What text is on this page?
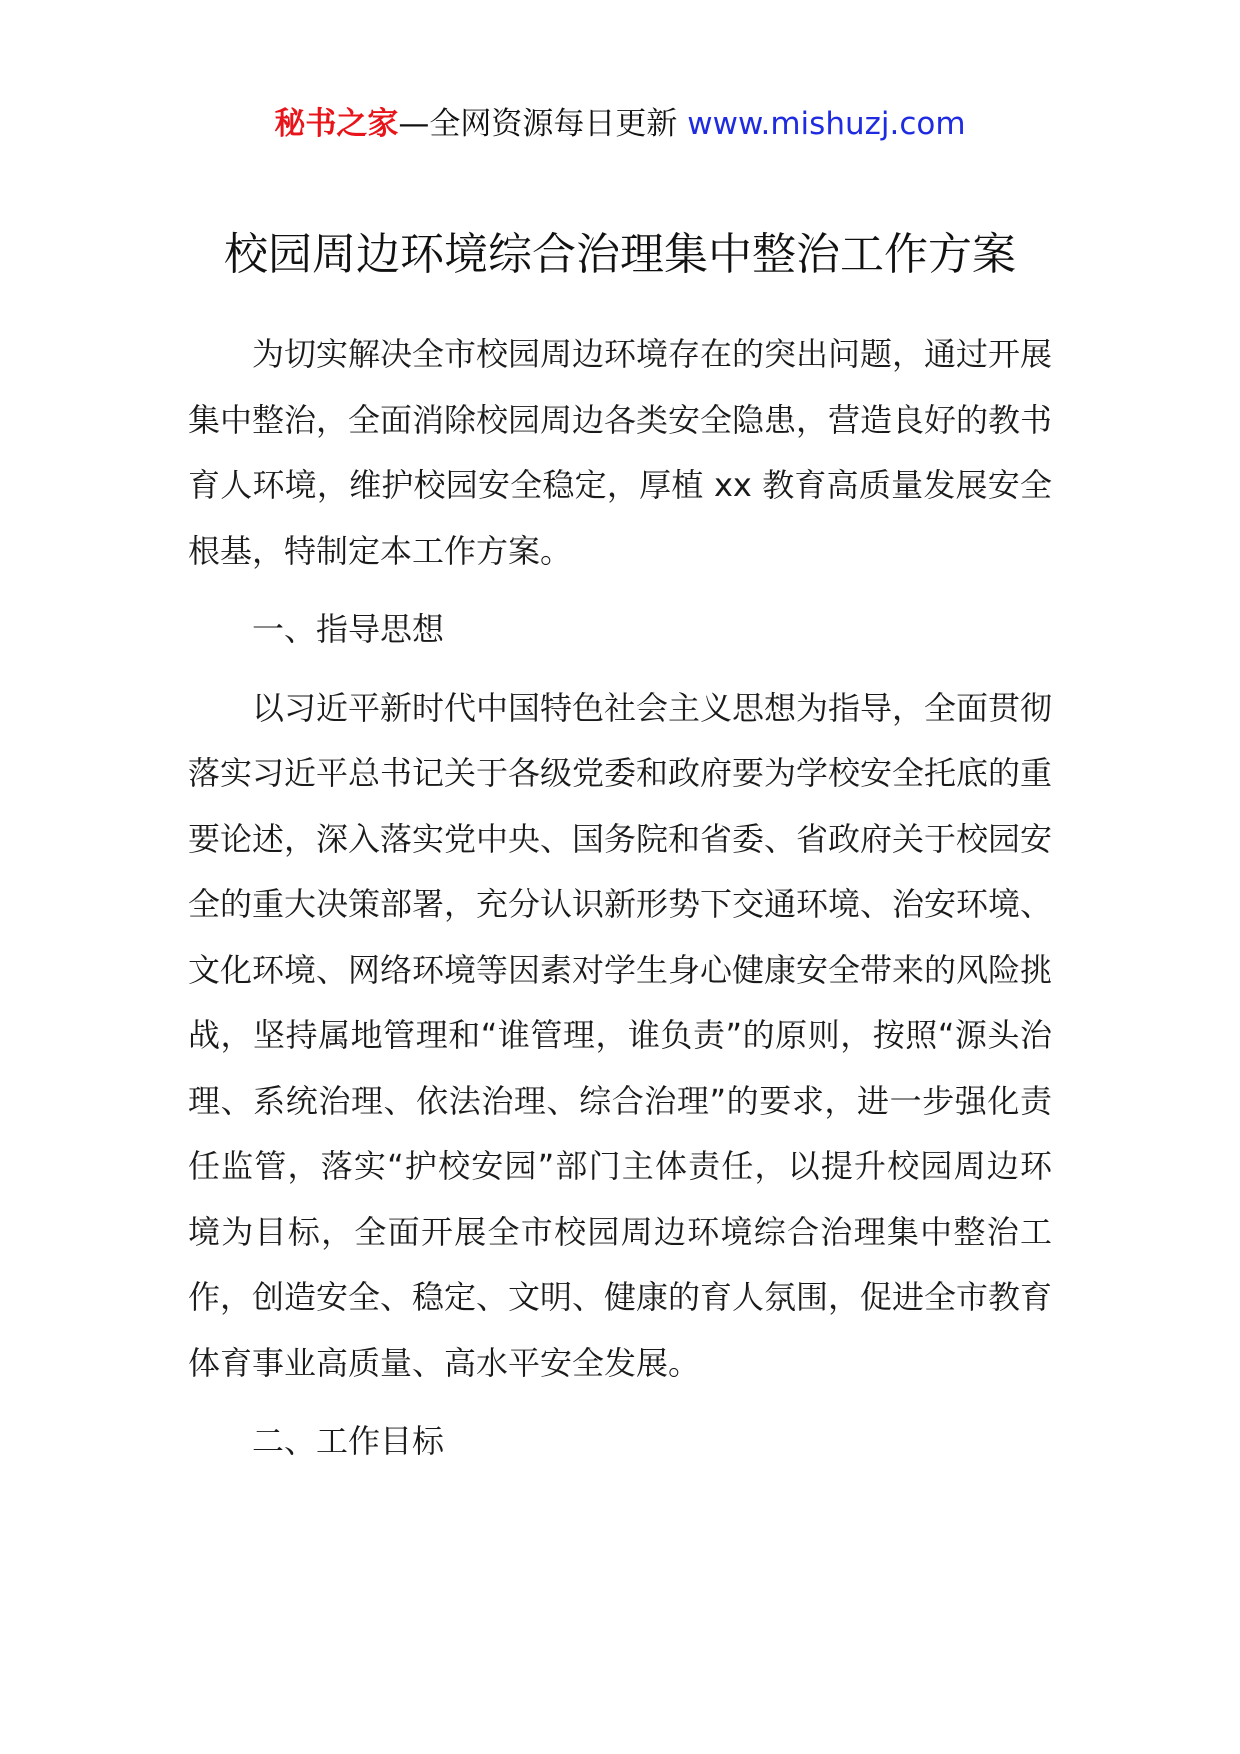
秘书之家—全网资源每日更新 www.mishuzj.com
校园周边环境综合治理集中整治工作方案

为切实解决全市校园周边环境存在的突出问题，通过开展集中整治，全面消除校园周边各类安全隐患，营造良好的教书育人环境，维护校园安全稳定，厚植 xx 教育高质量发展安全根基，特制定本工作方案。

一、指导思想

以习近平新时代中国特色社会主义思想为指导，全面贯彻落实习近平总书记关于各级党委和政府要为学校安全托底的重要论述，深入落实党中央、国务院和省委、省政府关于校园安全的重大决策部署，充分认识新形势下交通环境、治安环境、文化环境、网络环境等因素对学生身心健康安全带来的风险挑战，坚持属地管理和“谁管理，谁负责”的原则，按照“源头治理、系统治理、依法治理、综合治理”的要求，进一步强化责任监管，落实“护校安园”部门主体责任，以提升校园周边环境为目标，全面开展全市校园周边环境综合治理集中整治工作，创造安全、稳定、文明、健康的育人氛围，促进全市教育体育事业高质量、高水平安全发展。

二、工作目标
